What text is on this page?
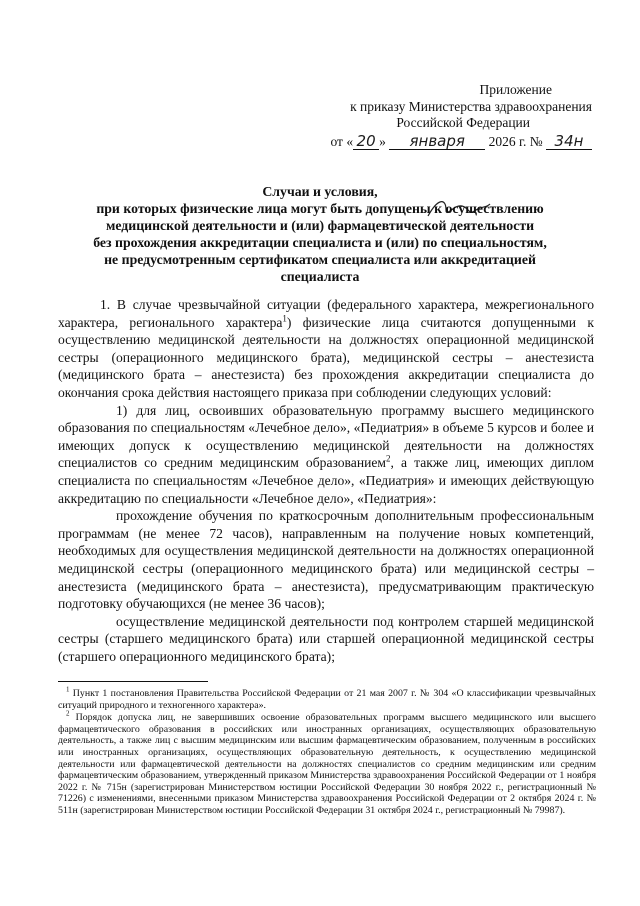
Приложение
к приказу Министерства здравоохранения
Российской Федерации
от « 20 » января 2026 г. № 34н
Случаи и условия,
при которых физические лица могут быть допущены к осуществлению
медицинской деятельности и (или) фармацевтической деятельности
без прохождения аккредитации специалиста и (или) по специальностям,
не предусмотренным сертификатом специалиста или аккредитацией
специалиста

1. В случае чрезвычайной ситуации (федерального характера, межрегионального характера, регионального характера$^1$) физические лица считаются допущенными к осуществлению медицинской деятельности на должностях операционной медицинской сестры (операционного медицинского брата), медицинской сестры – анестезиста (медицинского брата – анестезиста) без прохождения аккредитации специалиста до окончания срока действия настоящего приказа при соблюдении следующих условий:

1) для лиц, освоивших образовательную программу высшего медицинского образования по специальностям «Лечебное дело», «Педиатрия» в объеме 5 курсов и более и имеющих допуск к осуществлению медицинской деятельности на должностях специалистов со средним медицинским образованием$^2$, а также лиц, имеющих диплом специалиста по специальностям «Лечебное дело», «Педиатрия» и имеющих действующую аккредитацию по специальности «Лечебное дело», «Педиатрия»:

прохождение обучения по краткосрочным дополнительным профессиональным программам (не менее 72 часов), направленным на получение новых компетенций, необходимых для осуществления медицинской деятельности на должностях операционной медицинской сестры (операционного медицинского брата) или медицинской сестры – анестезиста (медицинского брата – анестезиста), предусматривающим практическую подготовку обучающихся (не менее 36 часов);

осуществление медицинской деятельности под контролем старшей медицинской сестры (старшего медицинского брата) или старшей операционной медицинской сестры (старшего операционного медицинского брата);

$^1$ Пункт 1 постановления Правительства Российской Федерации от 21 мая 2007 г. № 304 «О классификации чрезвычайных ситуаций природного и техногенного характера».

$^2$ Порядок допуска лиц, не завершивших освоение образовательных программ высшего медицинского или высшего фармацевтического образования в российских или иностранных организациях, осуществляющих образовательную деятельность, а также лиц с высшим медицинским или высшим фармацевтическим образованием, полученным в российских или иностранных организациях, осуществляющих образовательную деятельность, к осуществлению медицинской деятельности или фармацевтической деятельности на должностях специалистов со средним медицинским или средним фармацевтическим образованием, утвержденный приказом Министерства здравоохранения Российской Федерации от 1 ноября 2022 г. № 715н (зарегистрирован Министерством юстиции Российской Федерации 30 ноября 2022 г., регистрационный № 71226) с изменениями, внесенными приказом Министерства здравоохранения Российской Федерации от 2 октября 2024 г. № 511н (зарегистрирован Министерством юстиции Российской Федерации 31 октября 2024 г., регистрационный № 79987).
